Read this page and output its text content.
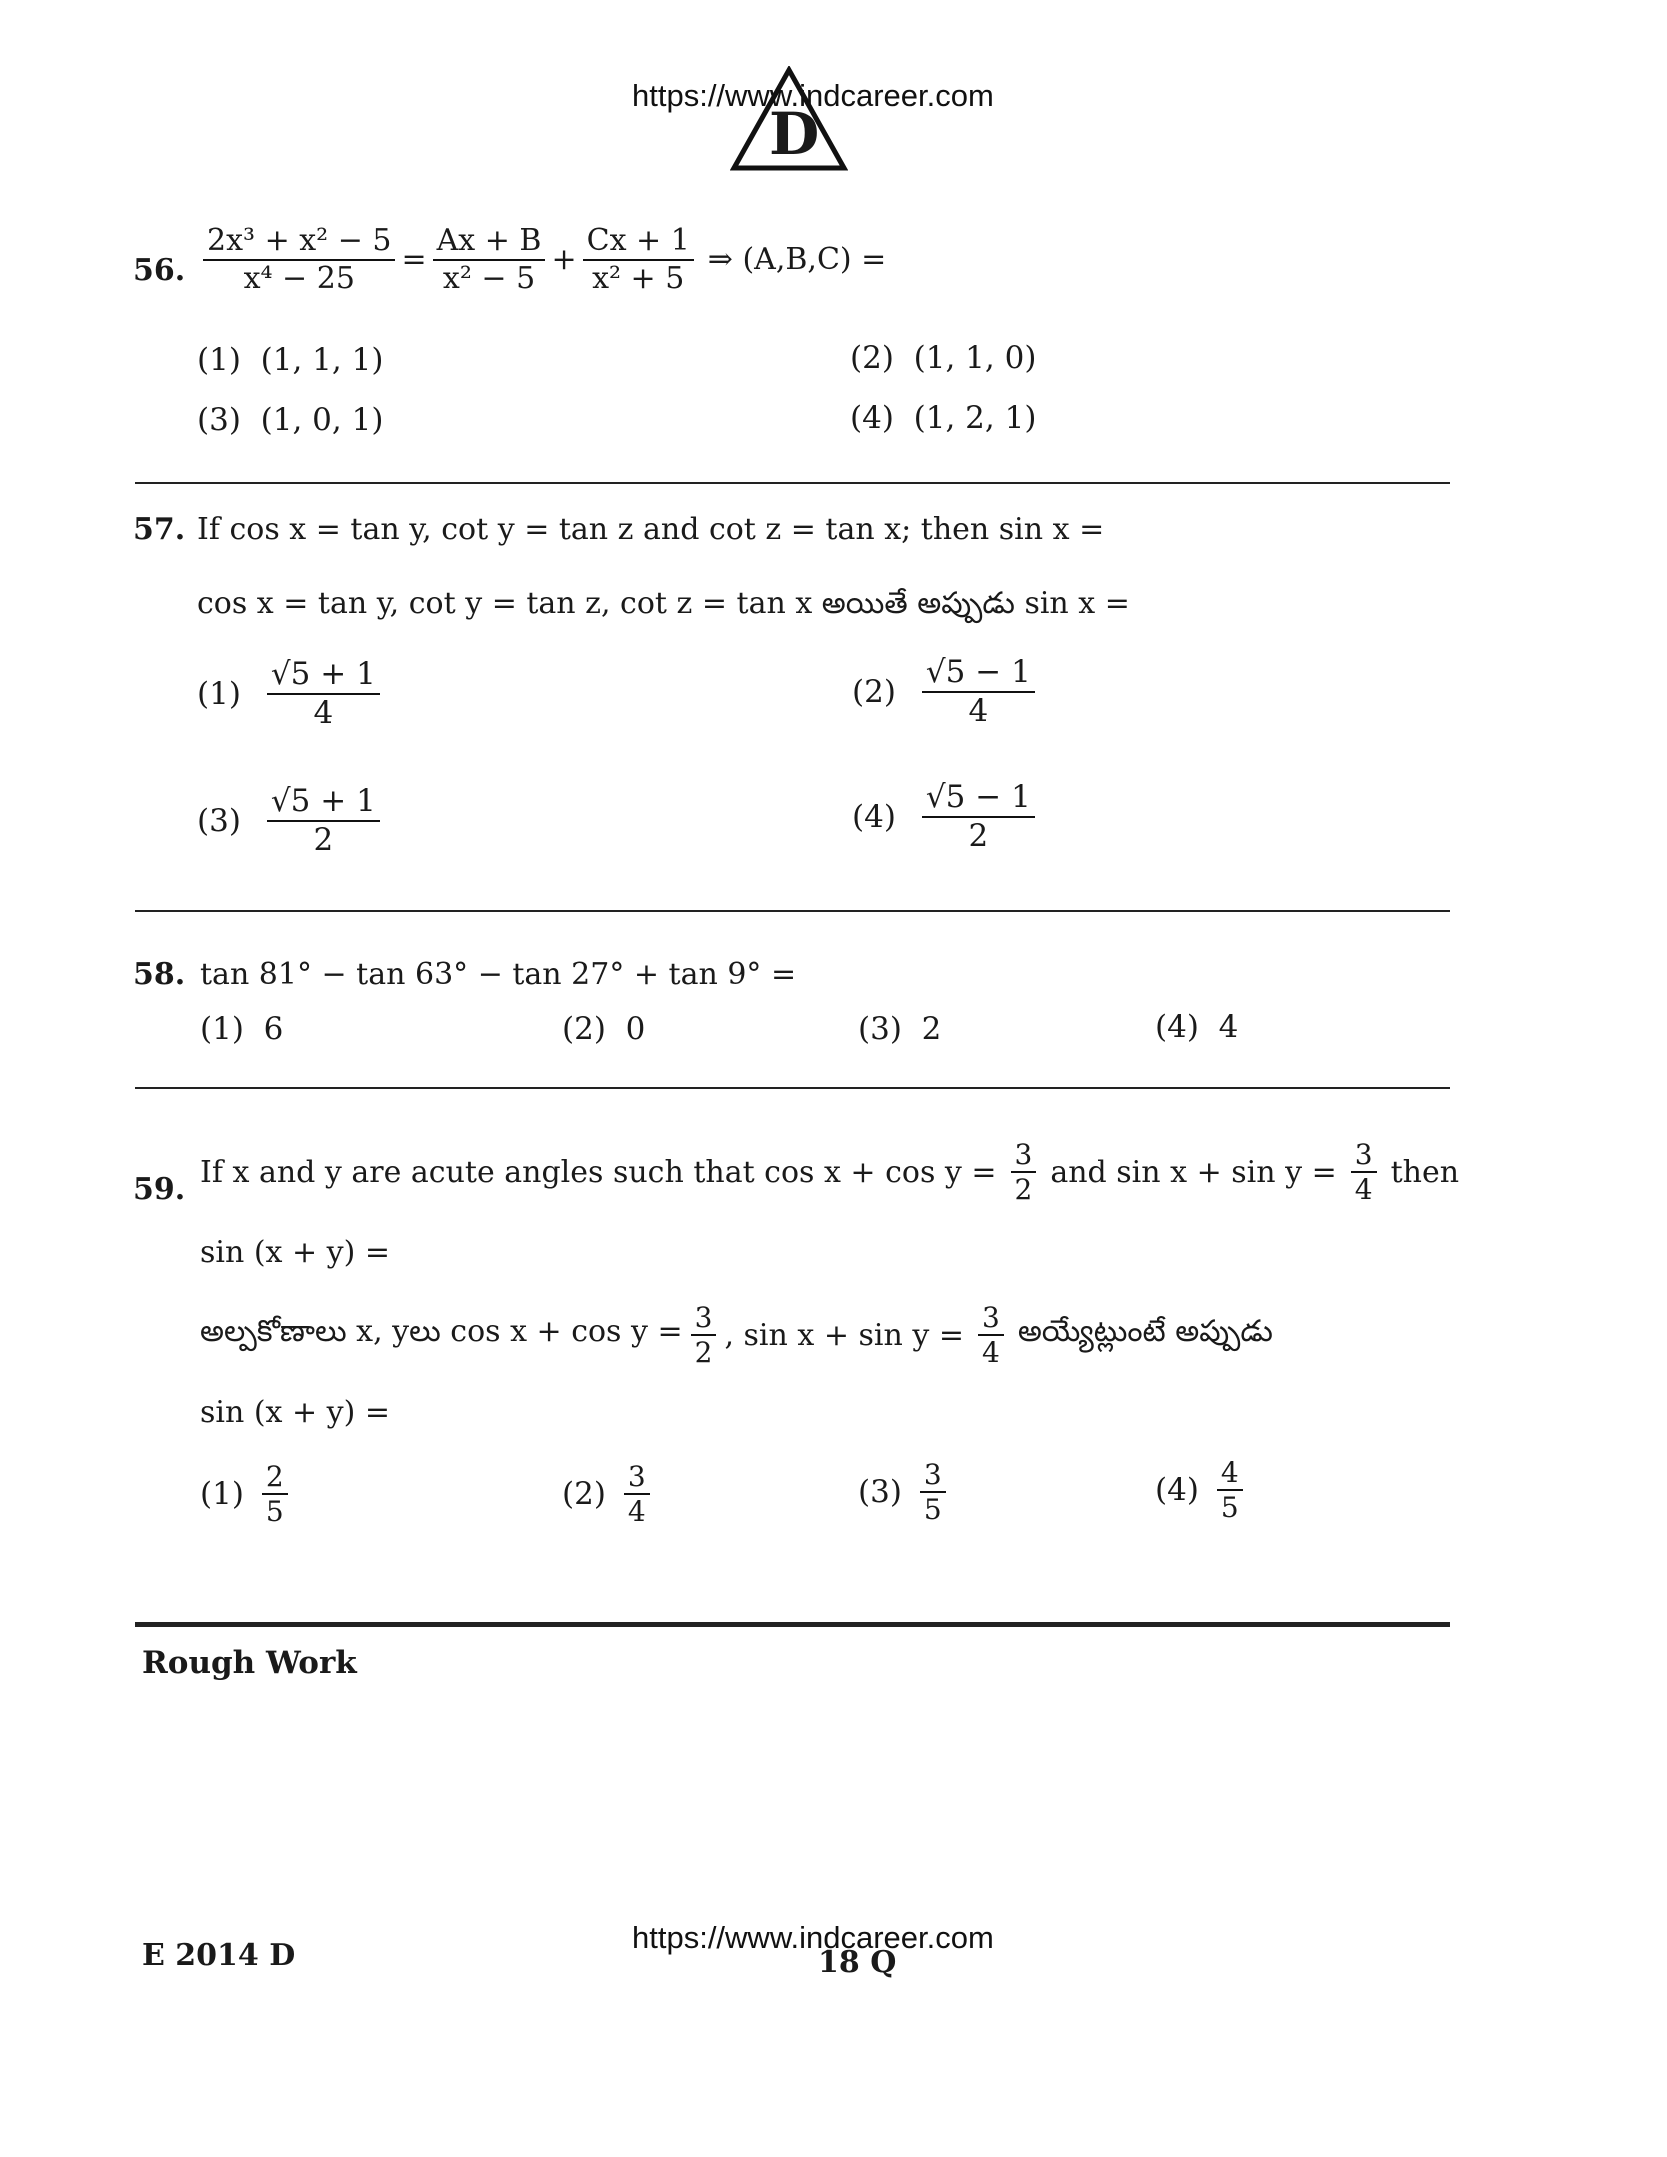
https://www.indcareer.com
D
56. $\frac{\text{2x³ + x² − 5}}{\text{x⁴ − 25}} = \frac{Ax + B}{\text{x² − 5}} + \frac{Cx + 1}{\text{x² + 5}}$ ⇒ (A,B,C) =
(1) (1, 1, 1)	(2) (1, 1, 0)
(3) (1, 0, 1)	(4) (1, 2, 1)
57. If cos x = tan y, cot y = tan z and cot z = tan x; then sin x =
cos x = tan y, cot y = tan z, cot z = tan x అయితే అప్పుడు sin x =
$(1) \frac{√5 + 1}{4}$	$(2) \frac{√5 - 1}{4}$
$(3) \frac{√5 + 1}{2}$	$(4) \frac{√5 - 1}{2}$
58. tan 81° − tan 63° − tan 27° + tan 9° =
(1) 6	(2) 0	(3) 2	(4) 4
59. If x and y are acute angles such that $\cos x + \cos y = \frac{3}{2}$ and $\sin x + \sin y = \frac{3}{4}$ then
sin (x + y) =
అల్పకోణాలు x, yలు $\cos x + \cos y = \frac{3}{2}$ , $\sin x + \sin y = \frac{3}{4}$ అయ్యేట్లుంటే అప్పుడు
sin (x + y) =
$(1) \frac{2}{5}$	$(2) \frac{3}{4}$	$(3) \frac{3}{5}$	$(4) \frac{4}{5}$
Rough Work
E 2014 D	18 Q
https://www.indcareer.com
